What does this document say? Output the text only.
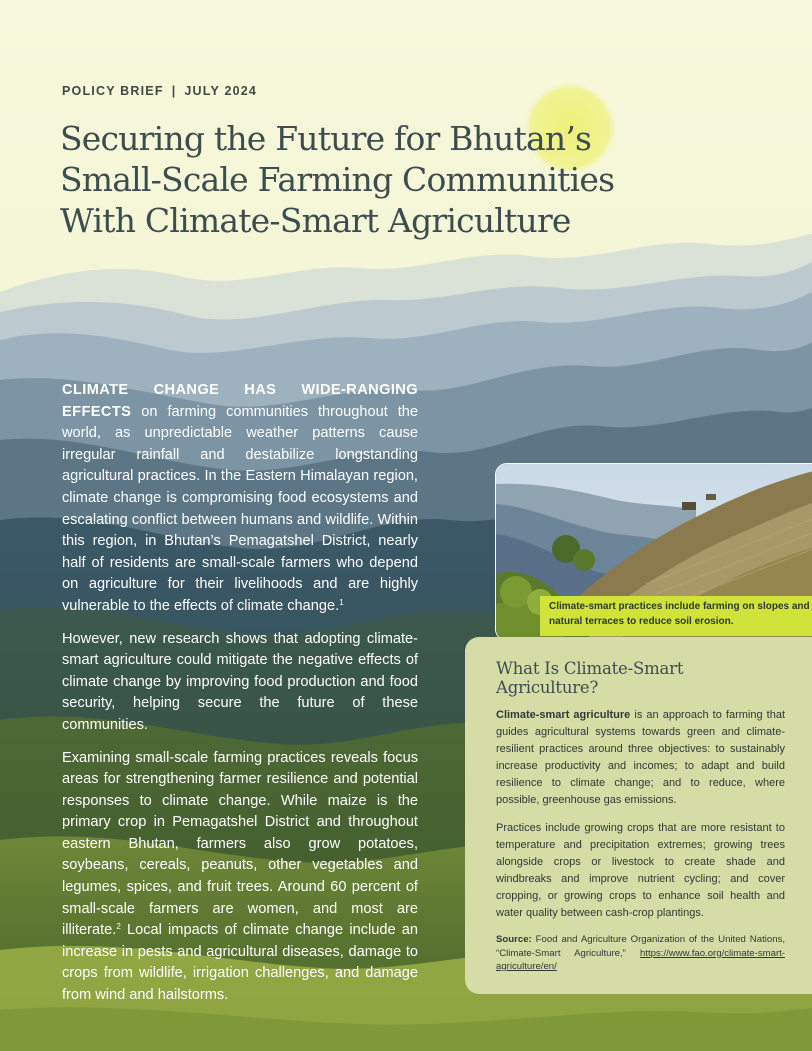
POLICY BRIEF | JULY 2024
Securing the Future for Bhutan’s
Small-Scale Farming Communities
With Climate-Smart Agriculture

CLIMATE CHANGE HAS WIDE-RANGING EFFECTS on farming communities throughout the world, as unpredictable weather patterns cause irregular rainfall and destabilize longstanding agricultural practices. In the Eastern Himalayan region, climate change is compromising food ecosystems and escalating conflict between humans and wildlife. Within this region, in Bhutan’s Pemagatshel District, nearly half of residents are small-scale farmers who depend on agriculture for their livelihoods and are highly vulnerable to the effects of climate change.$^1$

However, new research shows that adopting climate-smart agriculture could mitigate the negative effects of climate change by improving food production and food security, helping secure the future of these communities.

Examining small-scale farming practices reveals focus areas for strengthening farmer resilience and potential responses to climate change. While maize is the primary crop in Pemagatshel District and throughout eastern Bhutan, farmers also grow potatoes, soybeans, cereals, peanuts, other vegetables and legumes, spices, and fruit trees. Around 60 percent of small-scale farmers are women, and most are illiterate.$^2$ Local impacts of climate change include an increase in pests and agricultural diseases, damage to crops from wildlife, irrigation challenges, and damage from wind and hailstorms.

Climate-smart practices include farming on slopes and natural terraces to reduce soil erosion.
What Is Climate-Smart Agriculture?

Climate-smart agriculture is an approach to farming that guides agricultural systems towards green and climate-resilient practices around three objectives: to sustainably increase productivity and incomes; to adapt and build resilience to climate change; and to reduce, where possible, greenhouse gas emissions.

Practices include growing crops that are more resistant to temperature and precipitation extremes; growing trees alongside crops or livestock to create shade and windbreaks and improve nutrient cycling; and cover cropping, or growing crops to enhance soil health and water quality between cash-crop plantings.

Source: Food and Agriculture Organization of the United Nations, “Climate-Smart Agriculture,” https://www.fao.org/climate-smart-agriculture/en/
